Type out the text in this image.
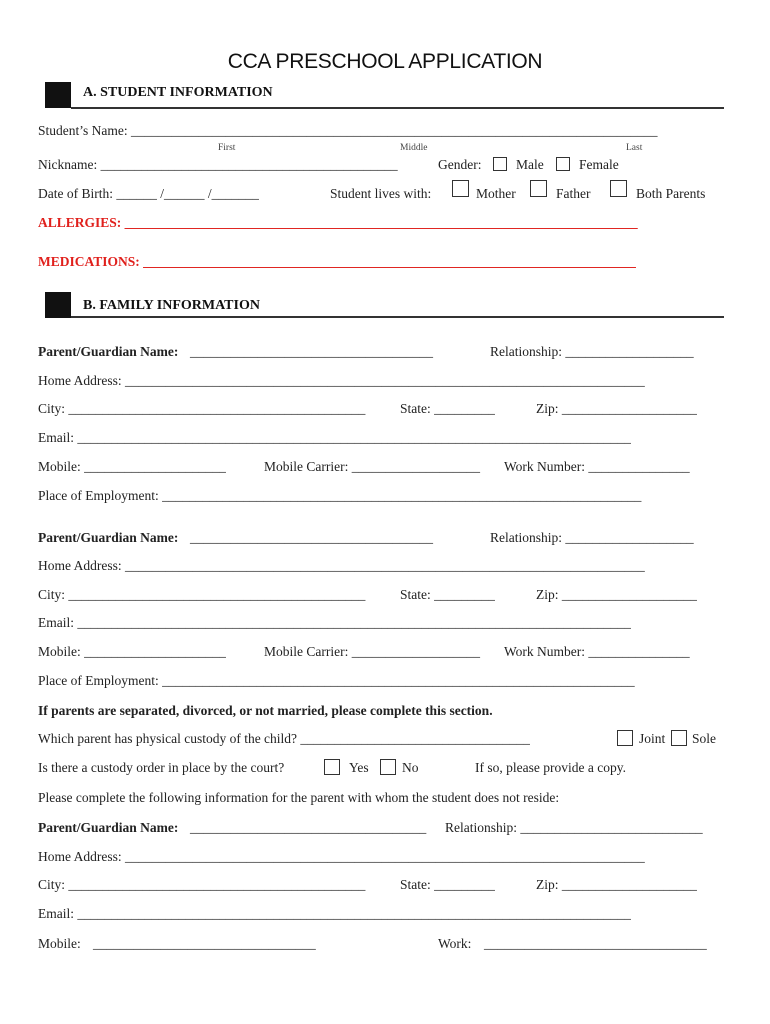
CCA PRESCHOOL APPLICATION
A. STUDENT INFORMATION
Student’s Name: ______________________________________________________________________________
First	Middle	Last
Nickname: ____________________________________________	Gender:	Male	Female
Date of Birth: ______ /______ /_______	Student lives with:	Mother	Father	Both Parents
ALLERGIES: ____________________________________________________________________________
MEDICATIONS: _________________________________________________________________________
B. FAMILY INFORMATION
Parent/Guardian Name: ____________________________________	Relationship: ___________________
Home Address: _____________________________________________________________________________
City: ____________________________________________	State: _________	Zip: ____________________
Email: __________________________________________________________________________________
Mobile: _____________________	Mobile Carrier: ___________________ Work Number: _______________
Place of Employment: _______________________________________________________________________
Parent/Guardian Name: ____________________________________	Relationship: ___________________
Home Address: _____________________________________________________________________________
City: ____________________________________________	State: _________	Zip: ____________________
Email: __________________________________________________________________________________
Mobile: _____________________	Mobile Carrier: ___________________ Work Number: _______________
Place of Employment: ______________________________________________________________________
If parents are separated, divorced, or not married, please complete this section.
Which parent has physical custody of the child? __________________________________	Joint Sole
Is there a custody order in place by the court?	Yes No	If so, please provide a copy.
Please complete the following information for the parent with whom the student does not reside:
Parent/Guardian Name: ___________________________________ Relationship: ___________________________
Home Address: _____________________________________________________________________________
City: ____________________________________________	State: _________	Zip: ____________________
Email: __________________________________________________________________________________
Mobile: _________________________________	Work: _________________________________
